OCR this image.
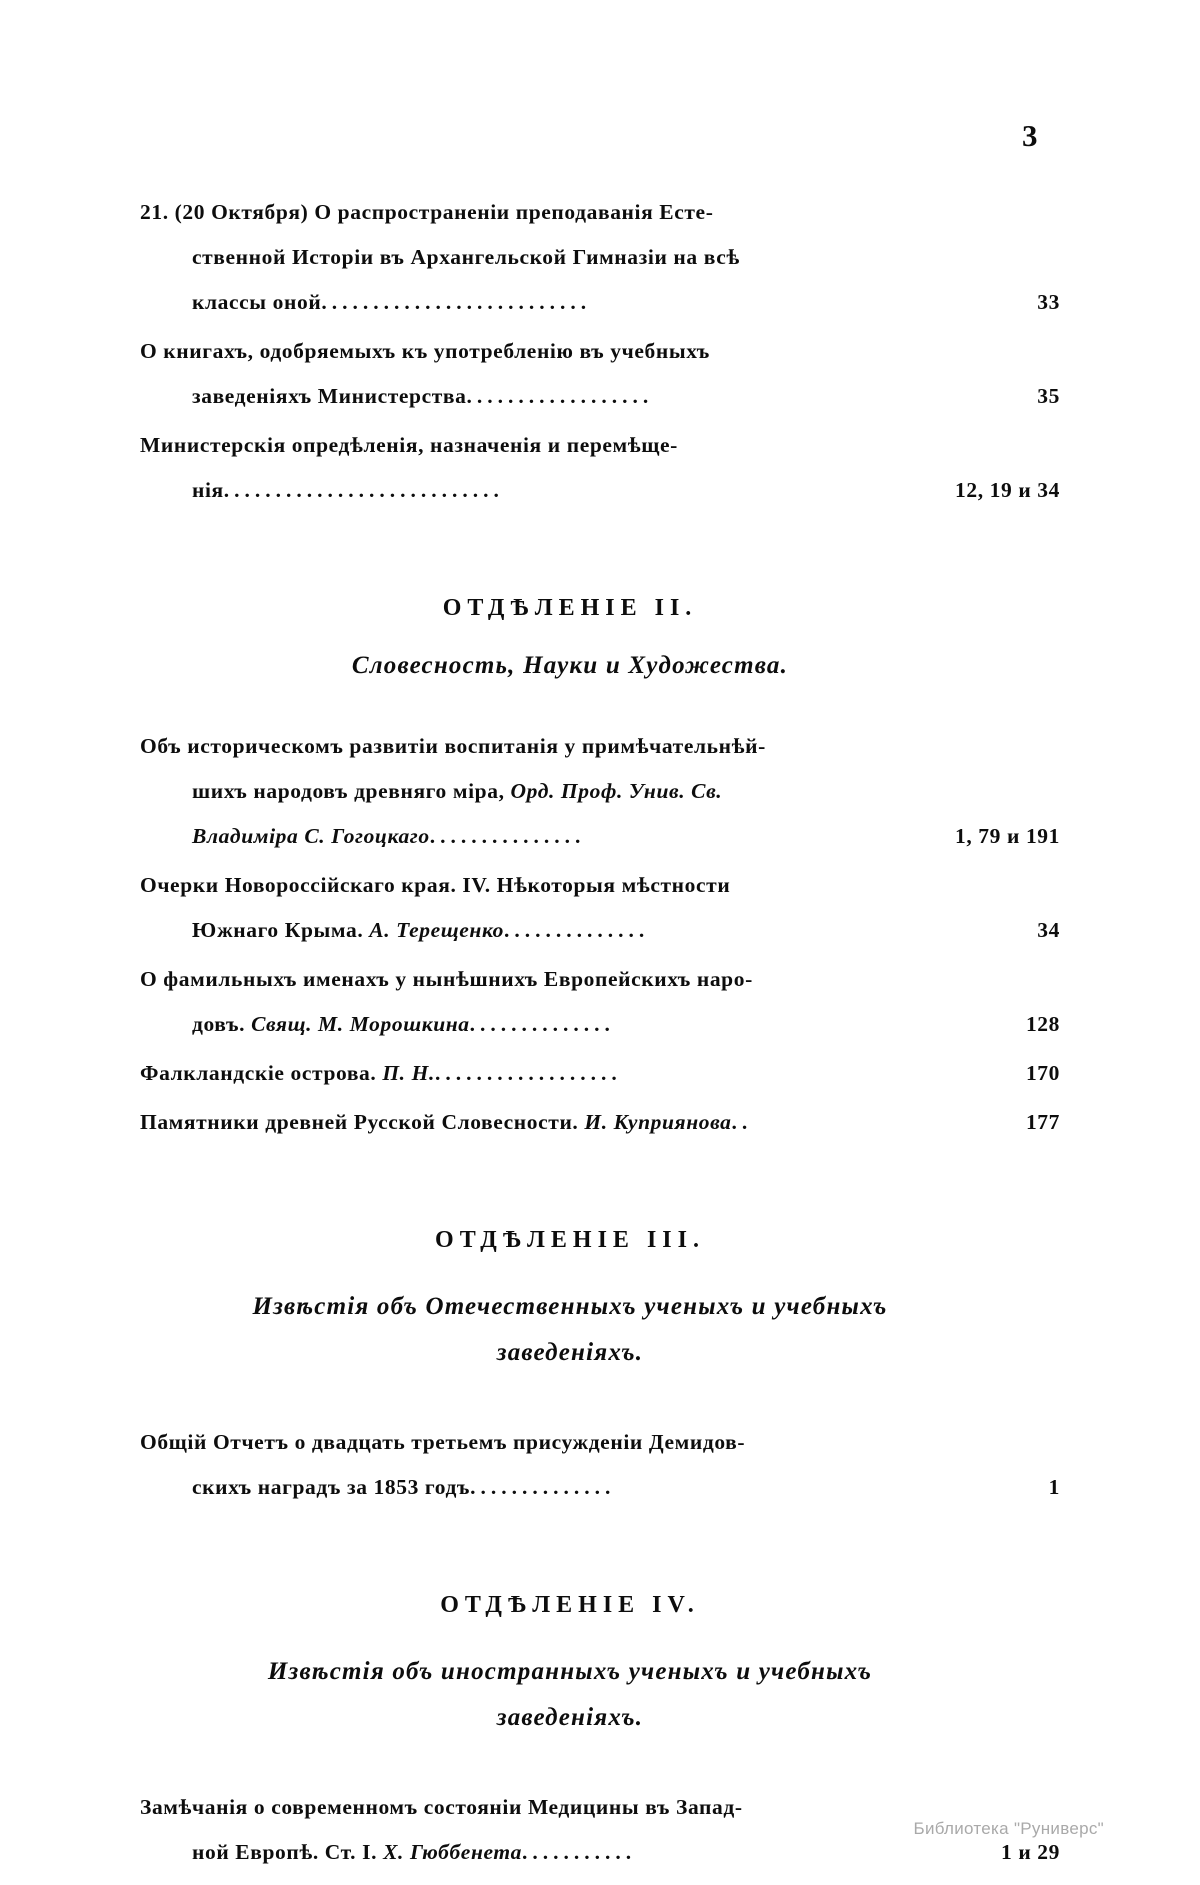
3
21. (20 Октября) О распространеніи преподаванія Есте-
ственной Исторіи въ Архангельской Гимназіи на всѣ
классы оной..........................	33
О книгахъ, одобряемыхъ къ употребленію въ учебныхъ
заведеніяхъ Министерства..................	35
Министерскія опредѣленія, назначенія и перемѣще-
нія...........................	12, 19 и 34
ОТДѢЛЕНІЕ II.
Словесность, Науки и Художества.
Объ историческомъ развитіи воспитанія у примѣчательнѣй-
шихъ народовъ древняго міра, Орд. Проф. Унив. Св.
Владиміра С. Гогоцкаго...............	1, 79 и 191
Очерки Новороссійскаго края. IV. Нѣкоторыя мѣстности
Южнаго Крыма. А. Терещенко..............	34
О фамильныхъ именахъ у нынѣшнихъ Европейскихъ наро-
довъ. Свящ. М. Морошкина..............	128
Фалкландскіе острова. П. Н...................	170
Памятники древней Русской Словесности. И. Куприянова..	177
ОТДѢЛЕНІЕ III.
Извѣстія объ Отечественныхъ ученыхъ и учебныхъ
заведеніяхъ.
Общій Отчетъ о двадцать третьемъ присужденіи Демидов-
скихъ наградъ за 1853 годъ..............	1
ОТДѢЛЕНІЕ IV.
Извѣстія объ иностранныхъ ученыхъ и учебныхъ
заведеніяхъ.
Замѣчанія о современномъ состояніи Медицины въ Запад-
ной Европѣ. Ст. I. Х. Гюббенета...........	1 и 29
Библиотека "Руниверс"
